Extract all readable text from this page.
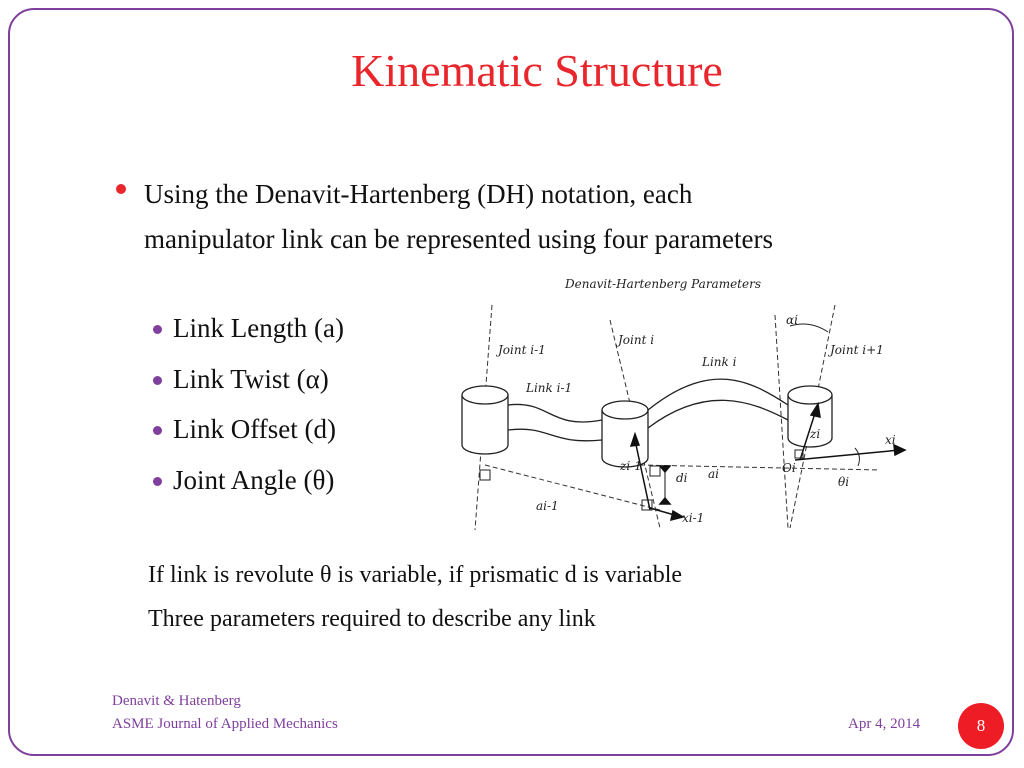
Kinematic Structure
Using the Denavit-Hartenberg (DH) notation, each
manipulator link can be represented using four parameters
Link Length (a)
Link Twist (α)
Link Offset (d)
Joint Angle (θ)
Denavit-Hartenberg Parameters
Joint i-1
Joint i
Joint i+1
Link i-1
Link i
αi
zi-1
di ai
ai-1
xi-1
Oi
θi
zi	xi
If link is revolute θ is variable, if prismatic d is variable
Three parameters required to describe any link
Denavit & Hatenberg
ASME Journal of Applied Mechanics	Apr 4, 2014	8
